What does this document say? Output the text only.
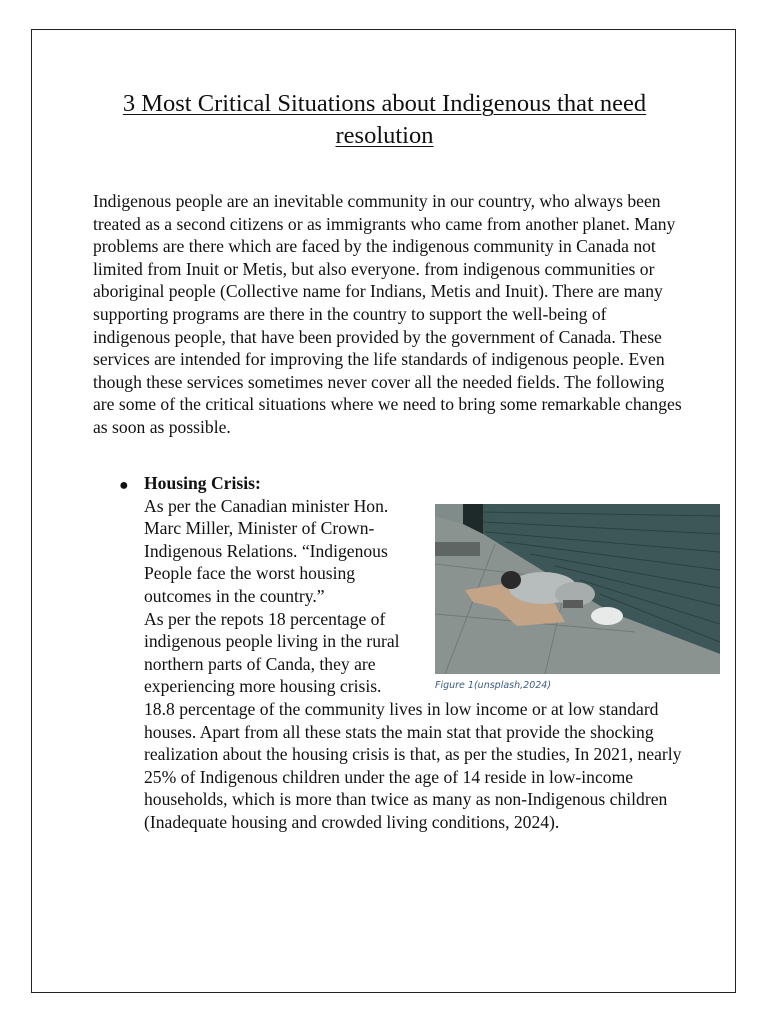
3 Most Critical Situations about Indigenous that need resolution

Indigenous people are an inevitable community in our country, who always been treated as a second citizens or as immigrants who came from another planet. Many problems are there which are faced by the indigenous community in Canada not limited from Inuit or Metis, but also everyone. from indigenous communities or aboriginal people (Collective name for Indians, Metis and Inuit). There are many supporting programs are there in the country to support the well-being of indigenous people, that have been provided by the government of Canada. These services are intended for improving the life standards of indigenous people. Even though these services sometimes never cover all the needed fields. The following are some of the critical situations where we need to bring some remarkable changes as soon as possible.

● Housing Crisis:
Figure 1(unsplash,2024)
As per the Canadian minister Hon. Marc Miller, Minister of Crown- Indigenous Relations. “Indigenous People face the worst housing outcomes in the country.”
As per the repots 18 percentage of indigenous people living in the rural northern parts of Canda, they are experiencing more housing crisis.
18.8 percentage of the community lives in low income or at low standard houses. Apart from all these stats the main stat that provide the shocking realization about the housing crisis is that, as per the studies, In 2021, nearly 25% of Indigenous children under the age of 14 reside in low-income households, which is more than twice as many as non-Indigenous children (Inadequate housing and crowded living conditions, 2024).
